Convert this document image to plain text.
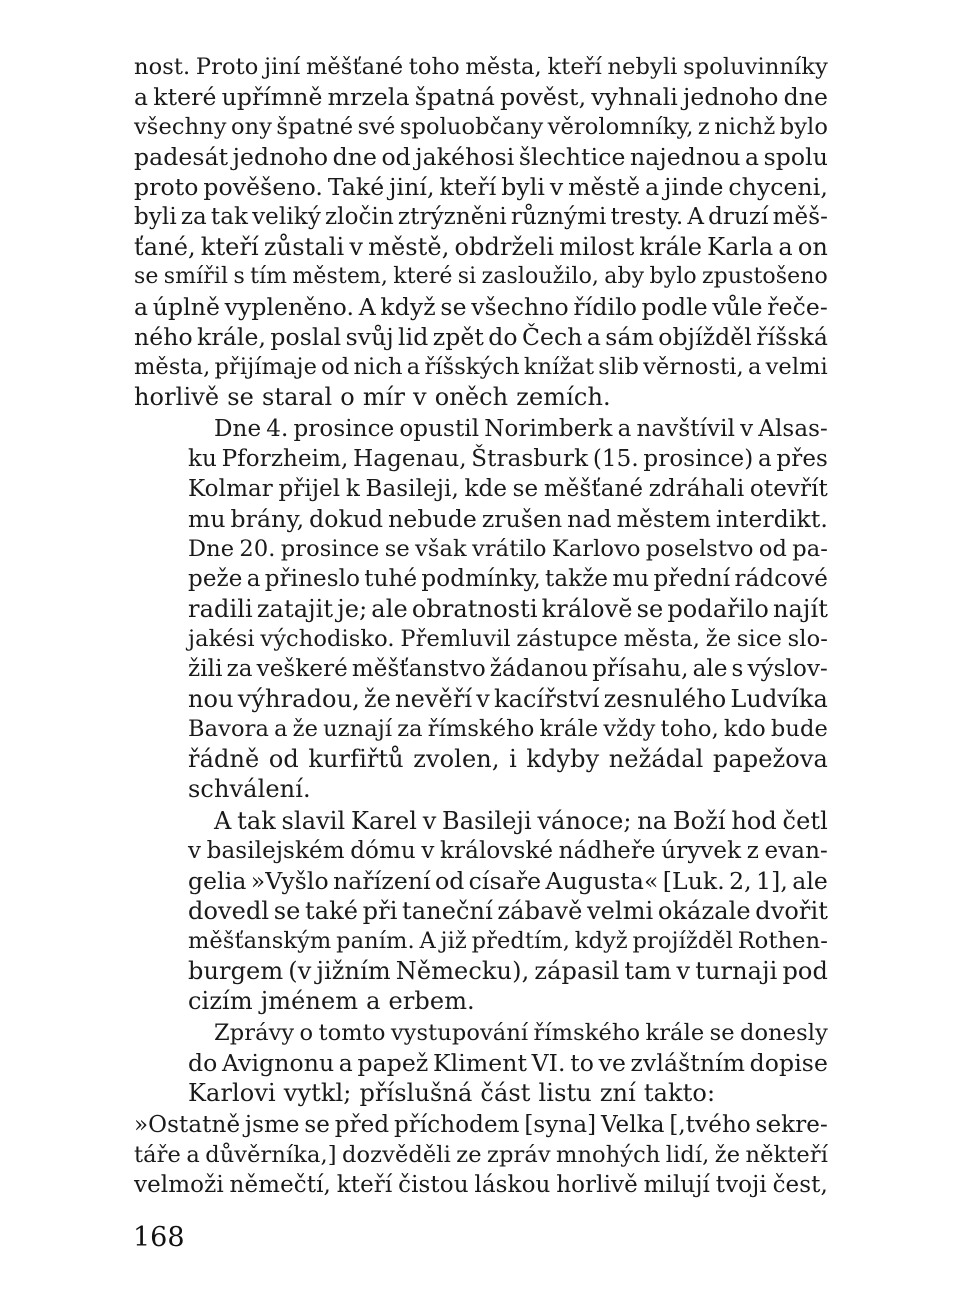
nost. Proto jiní měšťané toho města, kteří nebyli spoluvinníky
a které upřímně mrzela špatná pověst, vyhnali jednoho dne
všechny ony špatné své spoluobčany věrolomníky, z nichž bylo
padesát jednoho dne od jakéhosi šlechtice najednou a spolu
proto pověšeno. Také jiní, kteří byli v městě a jinde chyceni,
byli za tak veliký zločin ztrýzněni různými tresty. A druzí měš-
ťané, kteří zůstali v městě, obdrželi milost krále Karla a on
se smířil s tím městem, které si zasloužilo, aby bylo zpustošeno
a úplně vypleněno. A když se všechno řídilo podle vůle řeče-
ného krále, poslal svůj lid zpět do Čech a sám objížděl říšská
města, přijímaje od nich a říšských knížat slib věrnosti, a velmi
horlivě se staral o mír v oněch zemích.
Dne 4. prosince opustil Norimberk a navštívil v Alsas-
ku Pforzheim, Hagenau, Štrasburk (15. prosince) a přes
Kolmar přijel k Basileji, kde se měšťané zdráhali otevřít
mu brány, dokud nebude zrušen nad městem interdikt.
Dne 20. prosince se však vrátilo Karlovo poselstvo od pa-
peže a přineslo tuhé podmínky, takže mu přední rádcové
radili zatajit je; ale obratnosti královĕ se podařilo najít
jakési východisko. Přemluvil zástupce města, že sice slo-
žili za veškeré měšťanstvo žádanou přísahu, ale s výslov-
nou výhradou, že nevěří v kacířství zesnulého Ludvíka
Bavora a že uznají za římského krále vždy toho, kdo bude
řádně od kurfiřtů zvolen, i kdyby nežádal papežova
schválení.
A tak slavil Karel v Basileji vánoce; na Boží hod četl
v basilejském dómu v královské nádheře úryvek z evan-
gelia »Vyšlo nařízení od císaře Augusta« [Luk. 2, 1], ale
dovedl se také při taneční zábavě velmi okázale dvořit
měšťanským paním. A již předtím, když projížděl Rothen-
burgem (v jižním Německu), zápasil tam v turnaji pod
cizím jménem a erbem.
Zprávy o tomto vystupování římského krále se donesly
do Avignonu a papež Kliment VI. to ve zvláštním dopise
Karlovi vytkl; příslušná část listu zní takto:
»Ostatně jsme se před příchodem [syna] Velka [,tvého sekre-
táře a důvěrníka,] dozvěděli ze zpráv mnohých lidí, že někteří
velmoži němečtí, kteří čistou láskou horlivě milují tvoji čest,
168
